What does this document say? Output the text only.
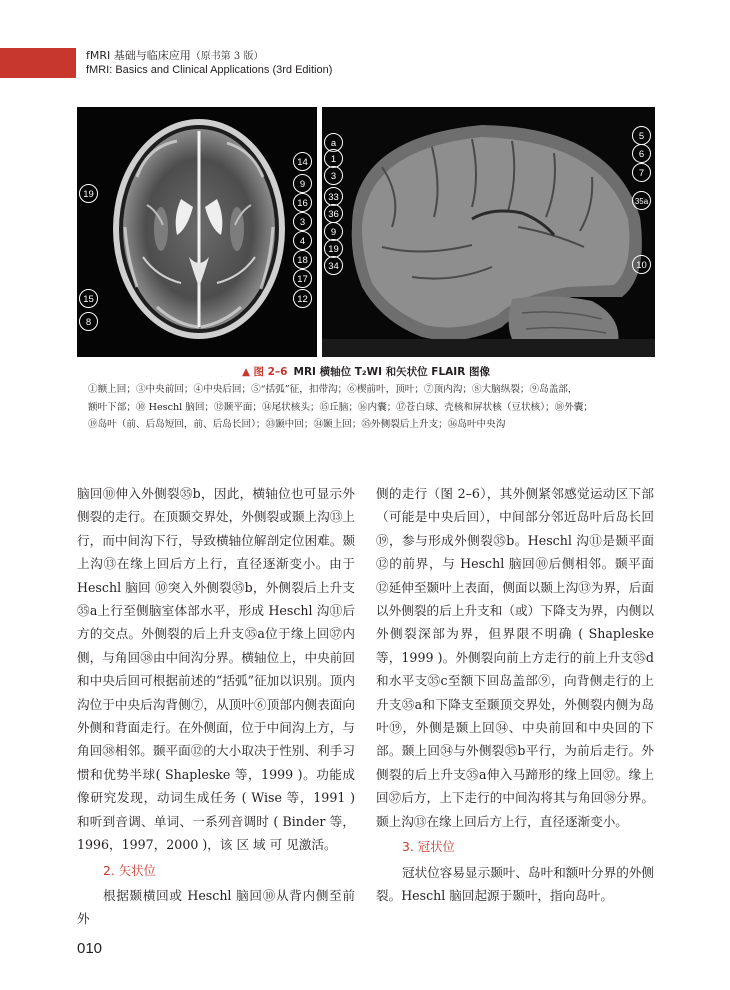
fMRI 基础与临床应用（原书第 3 版）
fMRI: Basics and Clinical Applications (3rd Edition)
14
9
16
3
4
18
17
12
19
15
8
a
1
3
33
36
9
19
34
5
6
7
35a
10
▲ 图 2–6 MRI 横轴位 T₂WI 和矢状位 FLAIR 图像
①额上回；③中央前回；④中央后回；⑤“括弧”征，扣带沟；⑥楔前叶，顶叶；⑦顶内沟；⑧大脑纵裂；⑨岛盖部，
额叶下部；⑩ Heschl 脑回；⑫颞平面；⑭尾状核头；⑮丘脑；⑯内囊；⑰苍白球、壳核和屏状核（豆状核）；⑱外囊；
⑲岛叶（前、后岛短回，前、后岛长回）；㉝颞中回；㉞颞上回；㉟外侧裂后上升支；㊱岛叶中央沟

脑回⑩伸入外侧裂㉟b，因此，横轴位也可显示外侧裂的走行。在顶颞交界处，外侧裂或颞上沟⑬上行，而中间沟下行，导致横轴位解剖定位困难。颞上沟⑬在缘上回后方上行，直径逐渐变小。由于 Heschl 脑回 ⑩突入外侧裂㉟b，外侧裂后上升支㉟a上行至侧脑室体部水平，形成 Heschl 沟⑪后方的交点。外侧裂的后上升支㉟a位于缘上回㊲内侧，与角回㊳由中间沟分界。横轴位上，中央前回和中央后回可根据前述的“括弧”征加以识别。顶内沟位于中央后沟背侧⑦，从顶叶⑥顶部内侧表面向外侧和背面走行。在外侧面，位于中间沟上方，与角回㊳相邻。颞平面⑫的大小取决于性别、利手习惯和优势半球( Shapleske 等，1999 )。功能成像研究发现，动词生成任务 ( Wise 等，1991 ) 和听到音调、单词、一系列音调时 ( Binder 等，1996，1997，2000 )，该 区 域 可 见激活。

2. 矢状位

根据颞横回或 Heschl 脑回⑩从背内侧至前外

侧的走行（图 2–6），其外侧紧邻感觉运动区下部（可能是中央后回），中间部分邻近岛叶后岛长回⑲，参与形成外侧裂㉟b。Heschl 沟⑪是颞平面⑫的前界，与 Heschl 脑回⑩后侧相邻。颞平面⑫延伸至颞叶上表面，侧面以颞上沟⑬为界，后面以外侧裂的后上升支和（或）下降支为界，内侧以外侧裂深部为界，但界限不明确 ( Shapleske 等，1999 )。外侧裂向前上方走行的前上升支㉟d和水平支㉟c至额下回岛盖部⑨，向背侧走行的上升支㉟a和下降支至颞顶交界处，外侧裂内侧为岛叶⑲，外侧是颞上回㉞、中央前回和中央回的下部。颞上回㉞与外侧裂㉟b平行，为前后走行。外侧裂的后上升支㉟a伸入马蹄形的缘上回㊲。缘上回㊲后方，上下走行的中间沟将其与角回㊳分界。颞上沟⑬在缘上回后方上行，直径逐渐变小。

3. 冠状位

冠状位容易显示颞叶、岛叶和额叶分界的外侧裂。Heschl 脑回起源于颞叶，指向岛叶。

010
